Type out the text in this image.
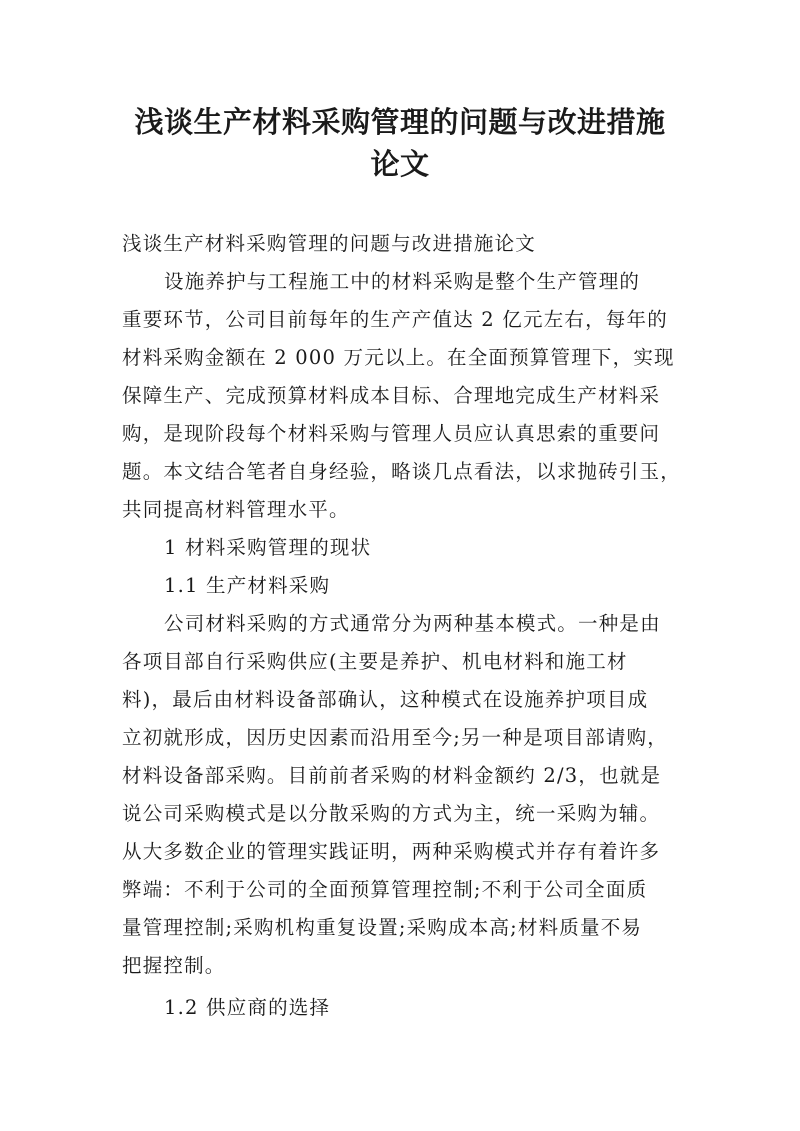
浅谈生产材料采购管理的问题与改进措施
论文
浅谈生产材料采购管理的问题与改进措施论文
设施养护与工程施工中的材料采购是整个生产管理的
重要环节，公司目前每年的生产产值达 2 亿元左右，每年的
材料采购金额在 2 000 万元以上。在全面预算管理下，实现
保障生产、完成预算材料成本目标、合理地完成生产材料采
购，是现阶段每个材料采购与管理人员应认真思索的重要问
题。本文结合笔者自身经验，略谈几点看法，以求抛砖引玉，
共同提高材料管理水平。
1 材料采购管理的现状
1.1 生产材料采购
公司材料采购的方式通常分为两种基本模式。一种是由
各项目部自行采购供应(主要是养护、机电材料和施工材
料)，最后由材料设备部确认，这种模式在设施养护项目成
立初就形成，因历史因素而沿用至今;另一种是项目部请购，
材料设备部采购。目前前者采购的材料金额约 2/3，也就是
说公司采购模式是以分散采购的方式为主，统一采购为辅。
从大多数企业的管理实践证明，两种采购模式并存有着许多
弊端：不利于公司的全面预算管理控制;不利于公司全面质
量管理控制;采购机构重复设置;采购成本高;材料质量不易
把握控制。
1.2 供应商的选择
